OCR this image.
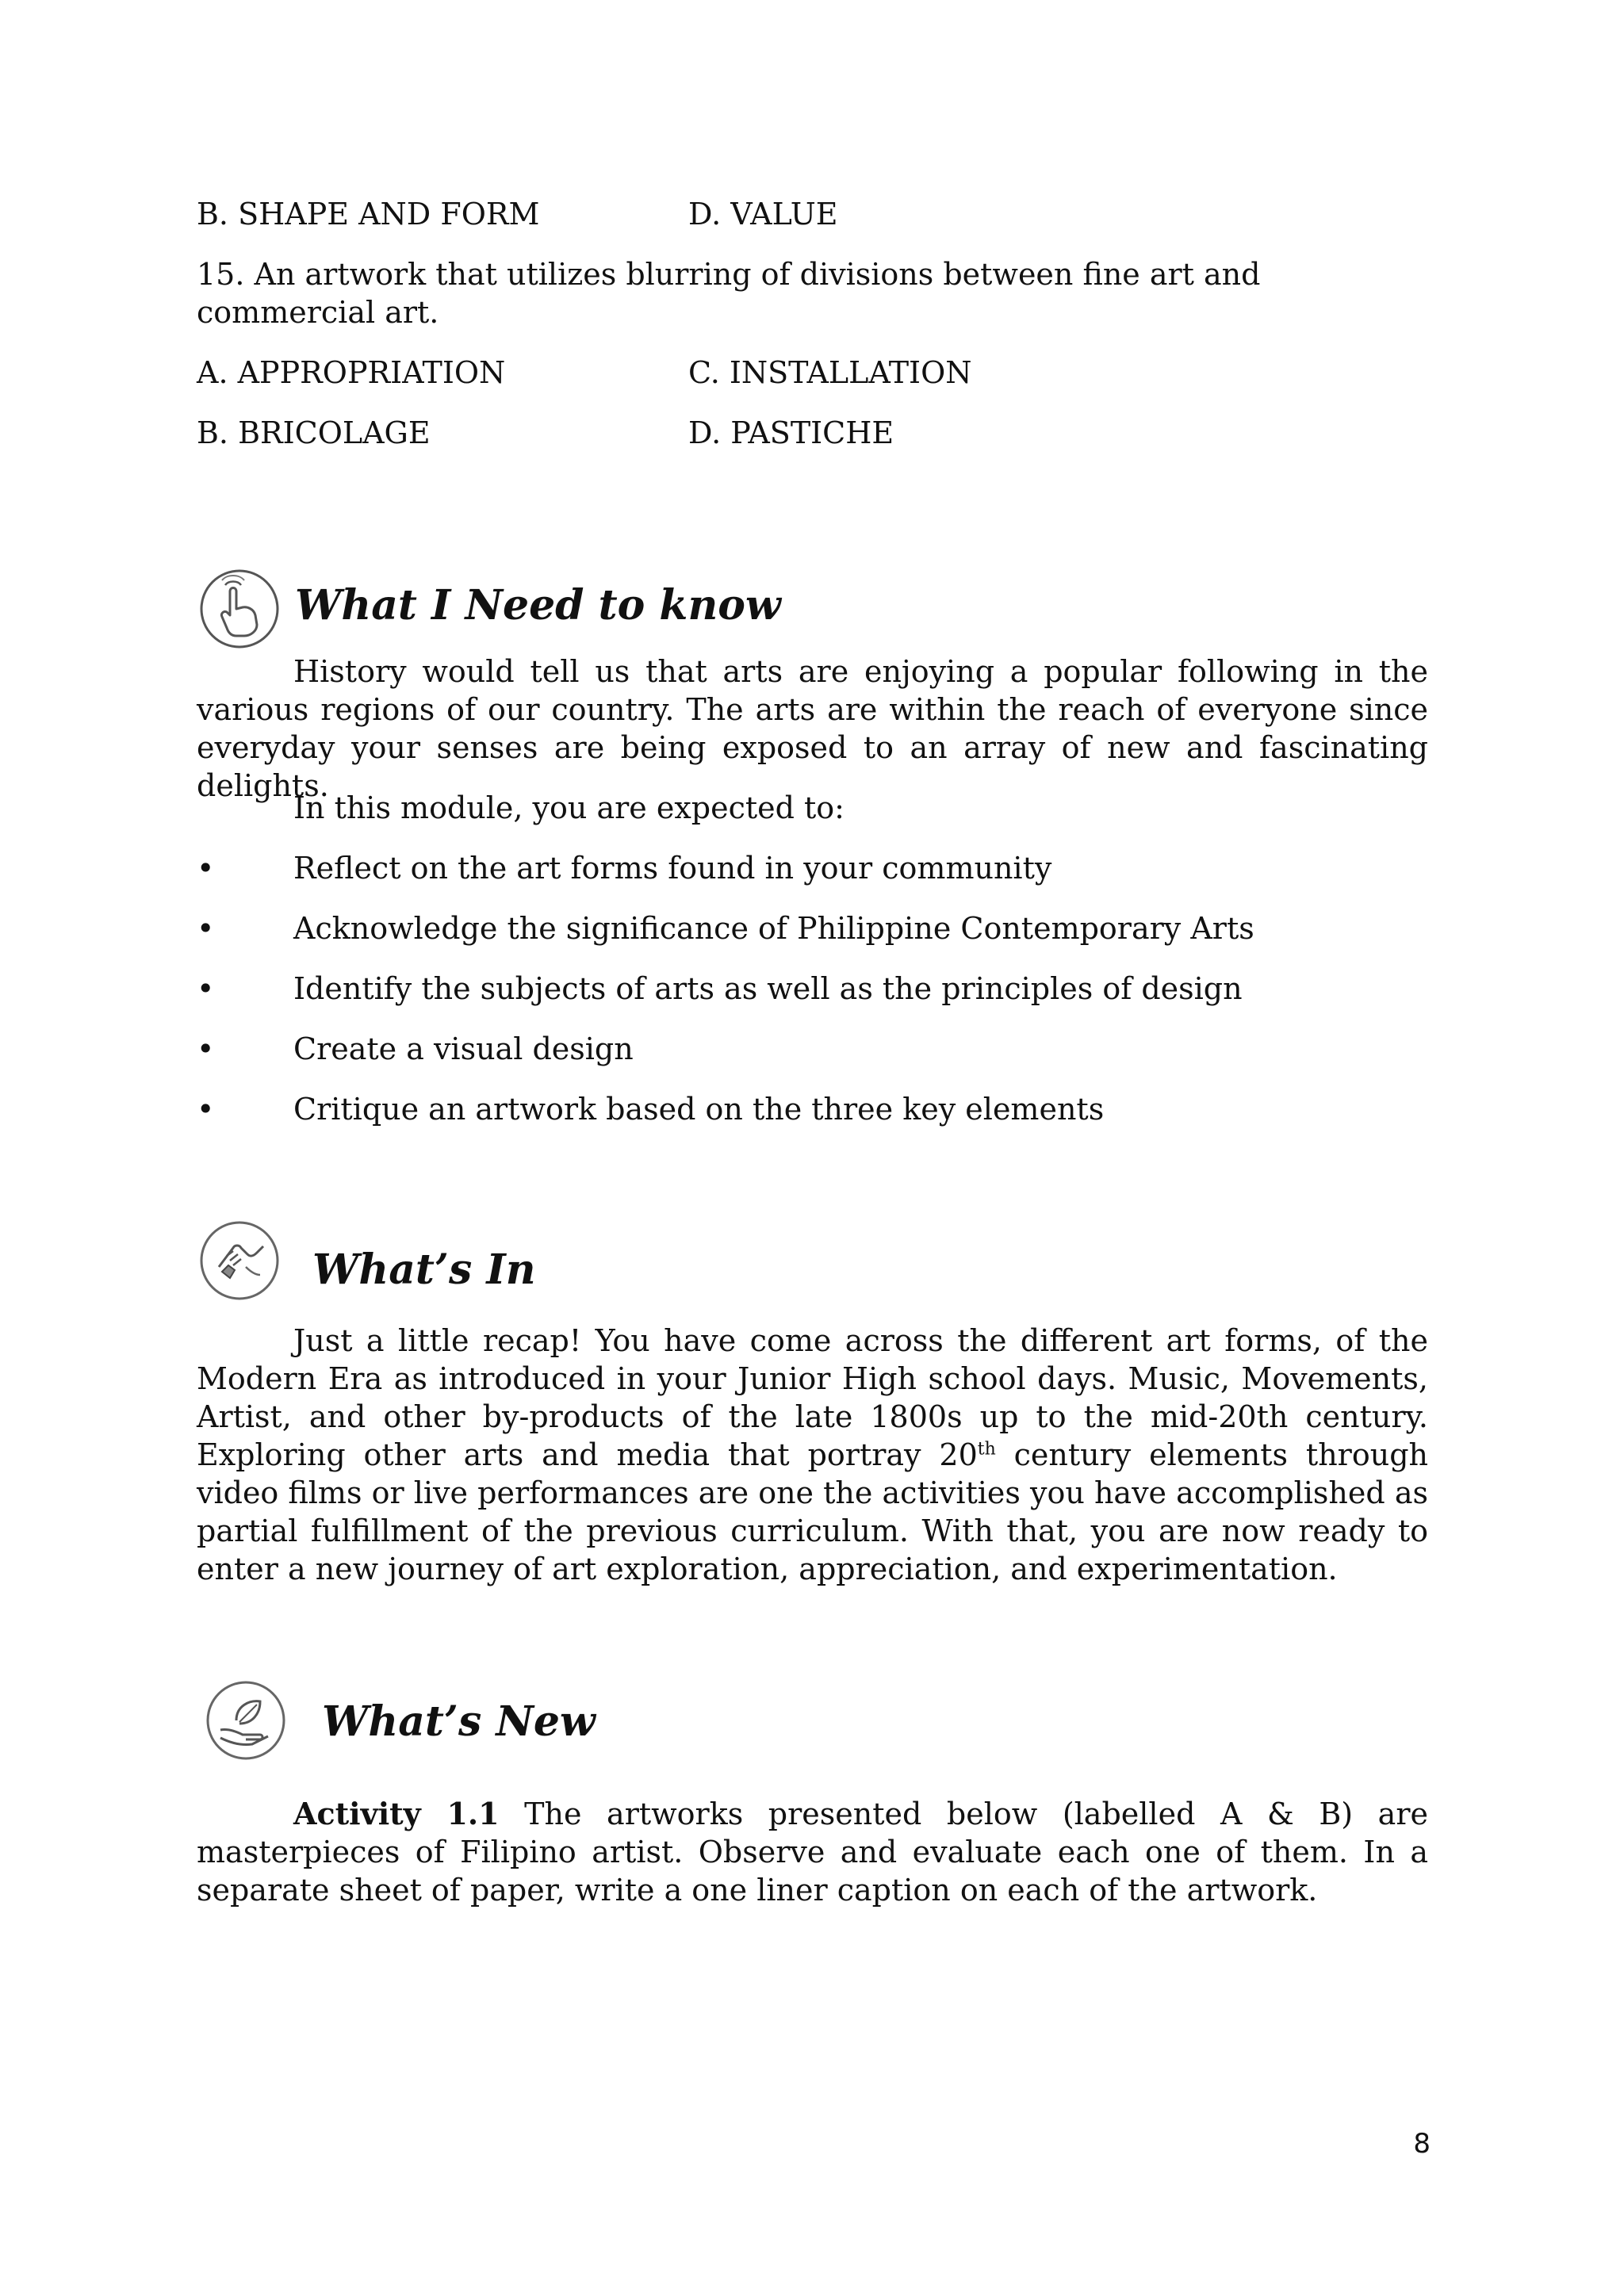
B. SHAPE AND FORM	D. VALUE
15. An artwork that utilizes blurring of divisions between fine art and commercial art.
A. APPROPRIATION	C. INSTALLATION
B. BRICOLAGE	D. PASTICHE
What I Need to know
History would tell us that arts are enjoying a popular following in the various regions of our country. The arts are within the reach of everyone since everyday your senses are being exposed to an array of new and fascinating delights.
In this module, you are expected to:
•	Reflect on the art forms found in your community
•	Acknowledge the significance of Philippine Contemporary Arts
•	Identify the subjects of arts as well as the principles of design
•	Create a visual design
•	Critique an artwork based on the three key elements
What’s In
Just a little recap! You have come across the different art forms, of the Modern Era as introduced in your Junior High school days. Music, Movements, Artist, and other by-products of the late 1800s up to the mid-20th century. Exploring other arts and media that portray 20th century elements through video films or live performances are one the activities you have accomplished as partial fulfillment of the previous curriculum. With that, you are now ready to enter a new journey of art exploration, appreciation, and experimentation.
What’s New
Activity 1.1 The artworks presented below (labelled A & B) are masterpieces of Filipino artist. Observe and evaluate each one of them. In a separate sheet of paper, write a one liner caption on each of the artwork.
8
